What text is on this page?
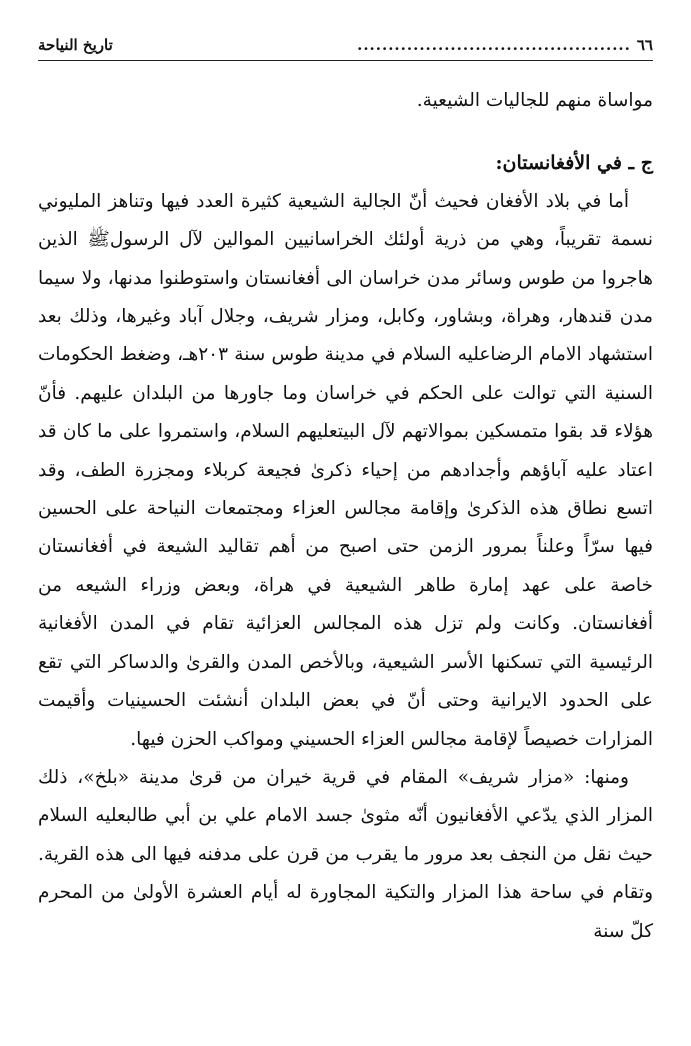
٦٦
............................................
تاريخ النياحة

مواساة منهم للجاليات الشيعية.

ج ـ في الأفغانستان:

أما في بلاد الأفغان فحيث أنّ الجالية الشيعية كثيرة العدد فيها وتناهز المليوني نسمة تقريباً، وهي من ذرية أولئك الخراسانيين الموالين لآل الرسولﷺ الذين هاجروا من طوس وسائر مدن خراسان الى أفغانستان واستوطنوا مدنها، ولا سيما مدن قندهار، وهراة، وبشاور، وكابل، ومزار شريف، وجلال آباد وغيرها، وذلك بعد استشهاد الامام الرضاعليه السلام في مدينة طوس سنة ٢٠٣هـ، وضغط الحكومات السنية التي توالت على الحكم في خراسان وما جاورها من البلدان عليهم. فأنّ هؤلاء قد بقوا متمسكين بموالاتهم لآل البيتعليهم السلام، واستمروا على ما كان قد اعتاد عليه آباؤهم وأجدادهم من إحياء ذكرىٰ فجيعة كربلاء ومجزرة الطف، وقد اتسع نطاق هذه الذكرىٰ وإقامة مجالس العزاء ومجتمعات النياحة على الحسين فيها سرّاً وعلناً بمرور الزمن حتى اصبح من أهم تقاليد الشيعة في أفغانستان خاصة على عهد إمارة طاهر الشيعية في هراة، وبعض وزراء الشيعه من أفغانستان. وكانت ولم تزل هذه المجالس العزائية تقام في المدن الأفغانية الرئيسية التي تسكنها الأسر الشيعية، وبالأخص المدن والقرىٰ والدساكر التي تقع على الحدود الايرانية وحتى أنّ في بعض البلدان أنشئت الحسينيات وأقيمت المزارات خصيصاً لإقامة مجالس العزاء الحسيني ومواكب الحزن فيها.

ومنها: «مزار شريف» المقام في قرية خيران من قرىٰ مدينة «بلخ»، ذلك المزار الذي يدّعي الأفغانيون أنّه مثوىٰ جسد الامام علي بن أبي طالبعليه السلام حيث نقل من النجف بعد مرور ما يقرب من قرن على مدفنه فيها الى هذه القرية. وتقام في ساحة هذا المزار والتكية المجاورة له أيام العشرة الأولىٰ من المحرم كلّ سنة
